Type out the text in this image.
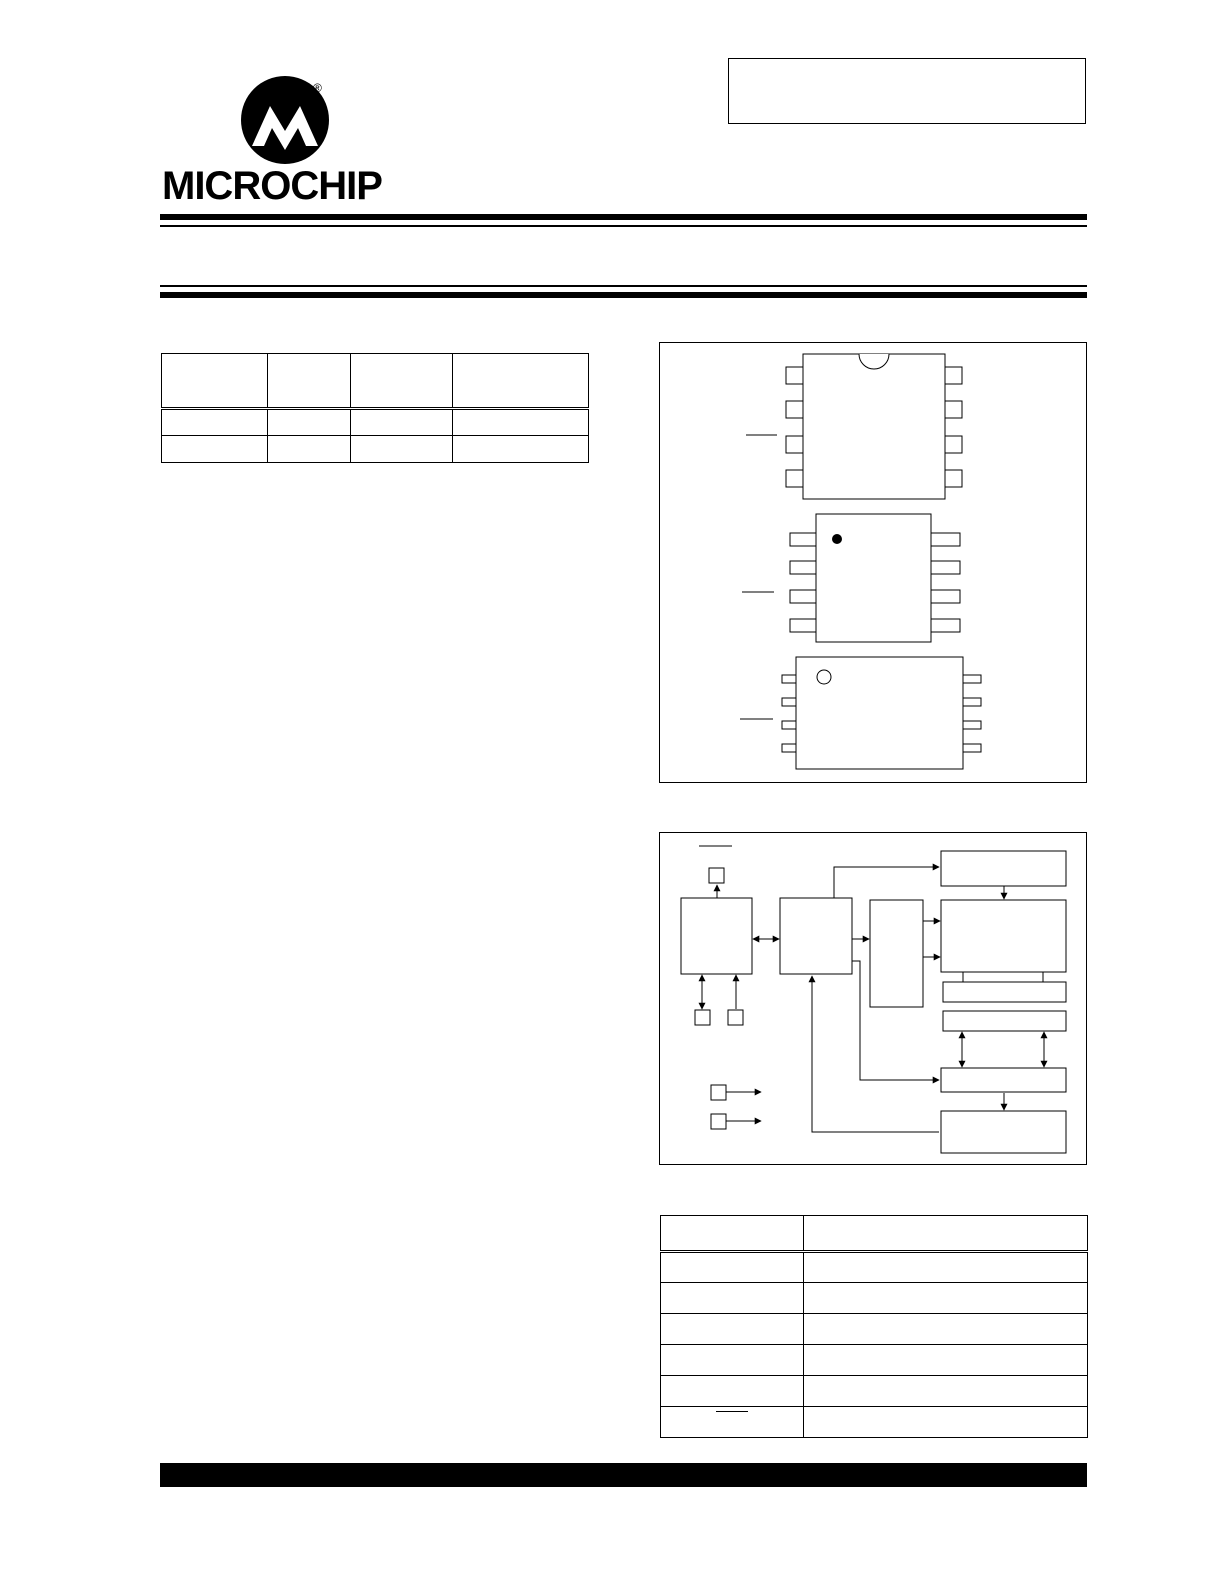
®
MICROCHIP
